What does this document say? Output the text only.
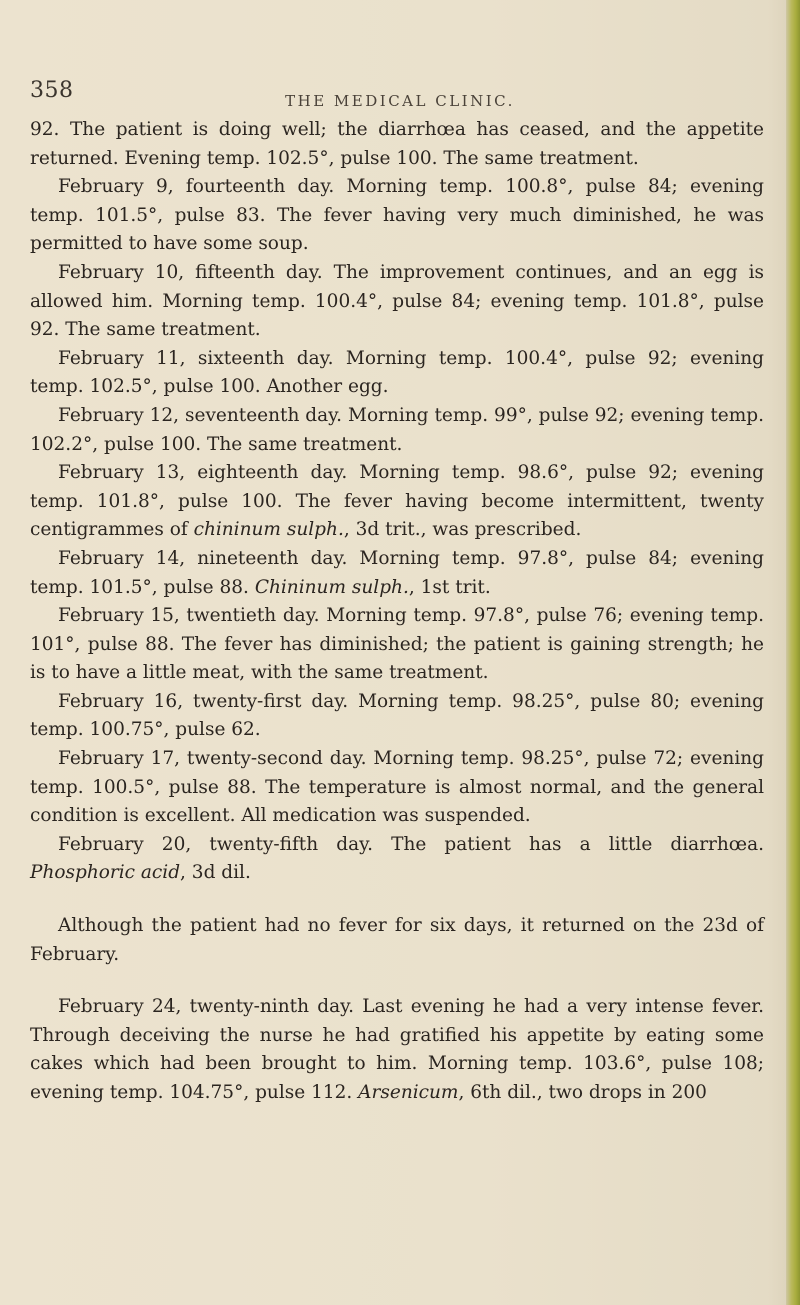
358	THE MEDICAL CLINIC.

92. The patient is doing well; the diarrhœa has ceased, and the appetite returned. Evening temp. 102.5°, pulse 100. The same treatment.

February 9, fourteenth day. Morning temp. 100.8°, pulse 84; evening temp. 101.5°, pulse 83. The fever having very much diminished, he was permitted to have some soup.

February 10, fifteenth day. The improvement continues, and an egg is allowed him. Morning temp. 100.4°, pulse 84; evening temp. 101.8°, pulse 92. The same treatment.

February 11, sixteenth day. Morning temp. 100.4°, pulse 92; evening temp. 102.5°, pulse 100. Another egg.

February 12, seventeenth day. Morning temp. 99°, pulse 92; evening temp. 102.2°, pulse 100. The same treatment.

February 13, eighteenth day. Morning temp. 98.6°, pulse 92; evening temp. 101.8°, pulse 100. The fever having become intermittent, twenty centigrammes of chininum sulph., 3d trit., was prescribed.

February 14, nineteenth day. Morning temp. 97.8°, pulse 84; evening temp. 101.5°, pulse 88. Chininum sulph., 1st trit.

February 15, twentieth day. Morning temp. 97.8°, pulse 76; evening temp. 101°, pulse 88. The fever has diminished; the patient is gaining strength; he is to have a little meat, with the same treatment.

February 16, twenty-first day. Morning temp. 98.25°, pulse 80; evening temp. 100.75°, pulse 62.

February 17, twenty-second day. Morning temp. 98.25°, pulse 72; evening temp. 100.5°, pulse 88. The temperature is almost normal, and the general condition is excellent. All medication was suspended.

February 20, twenty-fifth day. The patient has a little diarrhœa. Phosphoric acid, 3d dil.

Although the patient had no fever for six days, it returned on the 23d of February.

February 24, twenty-ninth day. Last evening he had a very intense fever. Through deceiving the nurse he had gratified his appetite by eating some cakes which had been brought to him. Morning temp. 103.6°, pulse 108; evening temp. 104.75°, pulse 112. Arsenicum, 6th dil., two drops in 200
